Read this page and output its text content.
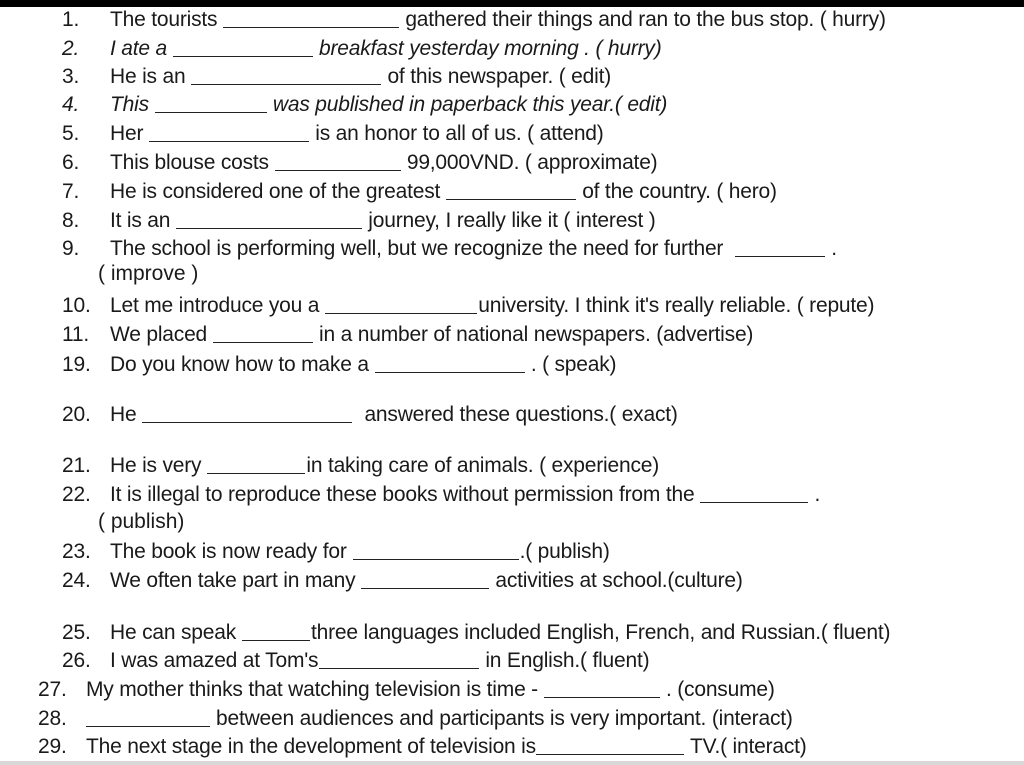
1.	The tourists	gathered their things and ran to the bus stop. ( hurry)
2.	I ate a	breakfast yesterday morning . ( hurry)
3.	He is an	of this newspaper. ( edit)
4.	This	was published in paperback this year.( edit)
5.	Her	is an honor to all of us. ( attend)
6.	This blouse costs	99,000VND. ( approximate)
7.	He is considered one of the greatest	of the country. ( hero)
8.	It is an	journey, I really like it ( interest )
9.	The school is performing well, but we recognize the need for further	.
( improve )
10. Let me introduce you a	university. I think it's really reliable. ( repute)
11. We placed	in a number of national newspapers. (advertise)
19. Do you know how to make a	. ( speak)
20. He	answered these questions.( exact)
21. He is very	in taking care of animals. ( experience)
22. It is illegal to reproduce these books without permission from the	.
( publish)
23. The book is now ready for	.( publish)
24. We often take part in many	activities at school.(culture)
25. He can speak	three languages included English, French, and Russian.( fluent)
26. I was amazed at Tom's	in English.( fluent)
27. My mother thinks that watching television is time -	. (consume)
28.	between audiences and participants is very important. (interact)
29. The next stage in the development of television is	TV.( interact)
